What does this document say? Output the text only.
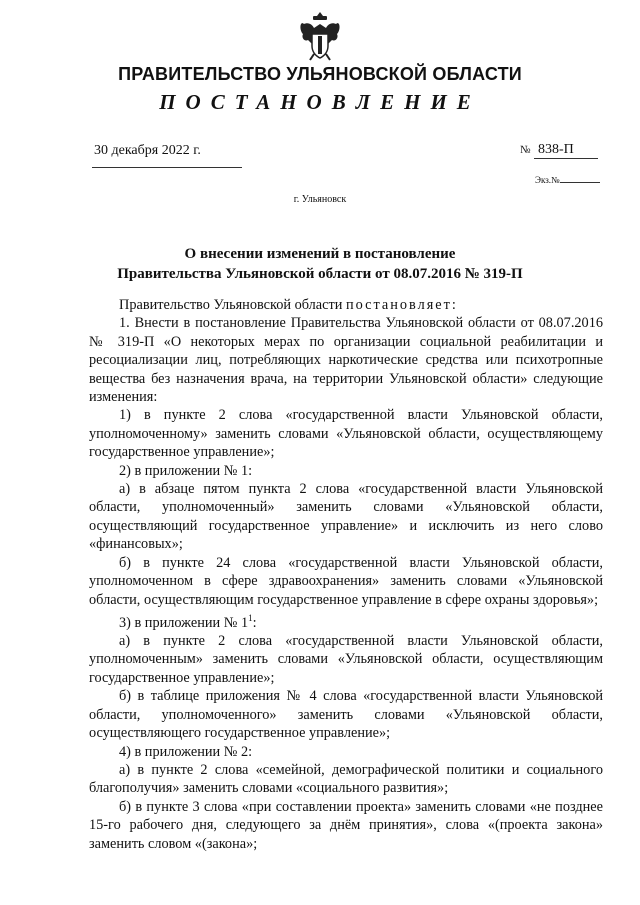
ПРАВИТЕЛЬСТВО УЛЬЯНОВСКОЙ ОБЛАСТИ
ПОСТАНОВЛЕНИЕ
30 декабря 2022 г.	№ 838-П
Экз.№
г. Ульяновск
О внесении изменений в постановление
Правительства Ульяновской области от 08.07.2016 № 319-П

Правительство Ульяновской области постановляет:

1. Внести в постановление Правительства Ульяновской области от 08.07.2016 № 319-П «О некоторых мерах по организации социальной реабилитации и ресоциализации лиц, потребляющих наркотические средства или психотропные вещества без назначения врача, на территории Ульяновской области» следующие изменения:

1) в пункте 2 слова «государственной власти Ульяновской области, уполномоченному» заменить словами «Ульяновской области, осуществляющему государственное управление»;

2) в приложении № 1:

а) в абзаце пятом пункта 2 слова «государственной власти Ульяновской области, уполномоченный» заменить словами «Ульяновской области, осуществляющий государственное управление» и исключить из него слово «финансовых»;

б) в пункте 24 слова «государственной власти Ульяновской области, уполномоченном в сфере здравоохранения» заменить словами «Ульяновской области, осуществляющим государственное управление в сфере охраны здоровья»;

3) в приложении № $1^1$:

а) в пункте 2 слова «государственной власти Ульяновской области, уполномоченным» заменить словами «Ульяновской области, осуществляющим государственное управление»;

б) в таблице приложения № 4 слова «государственной власти Ульяновской области, уполномоченного» заменить словами «Ульяновской области, осуществляющего государственное управление»;

4) в приложении № 2:

а) в пункте 2 слова «семейной, демографической политики и социального благополучия» заменить словами «социального развития»;

б) в пункте 3 слова «при составлении проекта» заменить словами «не позднее 15-го рабочего дня, следующего за днём принятия», слова «(проекта закона» заменить словом «(закона»;
